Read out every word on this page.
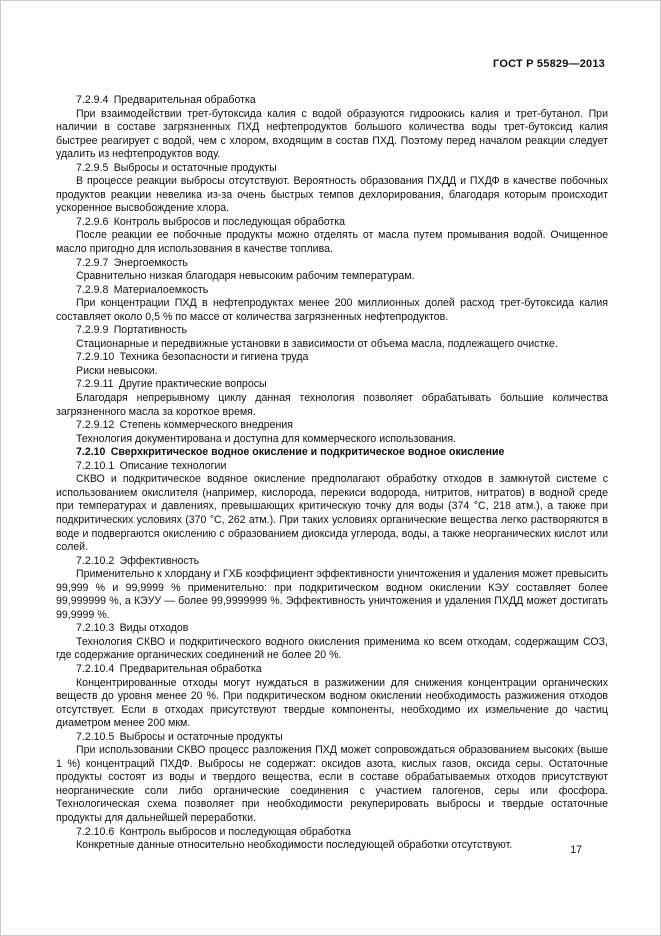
ГОСТ Р 55829—2013

7.2.9.4 Предварительная обработка

При взаимодействии трет-бутоксида калия с водой образуются гидроокись калия и трет-бутанол. При наличии в составе загрязненных ПХД нефтепродуктов большого количества воды трет-бутоксид калия быстрее реагирует с водой, чем с хлором, входящим в состав ПХД. Поэтому перед началом реакции следует удалить из нефтепродуктов воду.

7.2.9.5 Выбросы и остаточные продукты

В процессе реакции выбросы отсутствуют. Вероятность образования ПХДД и ПХДФ в качестве побочных продуктов реакции невелика из-за очень быстрых темпов дехлорирования, благодаря которым происходит ускоренное высвобождение хлора.

7.2.9.6 Контроль выбросов и последующая обработка

После реакции ее побочные продукты можно отделять от масла путем промывания водой. Очищенное масло пригодно для использования в качестве топлива.

7.2.9.7 Энергоемкость

Сравнительно низкая благодаря невысоким рабочим температурам.

7.2.9.8 Материалоемкость

При концентрации ПХД в нефтепродуктах менее 200 миллионных долей расход трет-бутоксида калия составляет около 0,5 % по массе от количества загрязненных нефтепродуктов.

7.2.9.9 Портативность

Стационарные и передвижные установки в зависимости от объема масла, подлежащего очистке.

7.2.9.10 Техника безопасности и гигиена труда

Риски невысоки.

7.2.9.11 Другие практические вопросы

Благодаря непрерывному циклу данная технология позволяет обрабатывать большие количества загрязненного масла за короткое время.

7.2.9.12 Степень коммерческого внедрения

Технология документирована и доступна для коммерческого использования.

7.2.10 Сверхкритическое водное окисление и подкритическое водное окисление

7.2.10.1 Описание технологии

СКВО и подкритическое водяное окисление предполагают обработку отходов в замкнутой системе с использованием окислителя (например, кислорода, перекиси водорода, нитритов, нитратов) в водной среде при температурах и давлениях, превышающих критическую точку для воды (374 °С, 218 атм.), а также при подкритических условиях (370 °С, 262 атм.). При таких условиях органические вещества легко растворяются в воде и подвергаются окислению с образованием диоксида углерода, воды, а также неорганических кислот или солей.

7.2.10.2 Эффективность

Применительно к хлордану и ГХБ коэффициент эффективности уничтожения и удаления может превысить 99,999 % и 99,9999 % применительно: при подкритическом водном окислении КЭУ составляет более 99,999999 %, а КЭУУ — более 99,9999999 %. Эффективность уничтожения и удаления ПХДД может достигать 99,9999 %.

7.2.10.3 Виды отходов

Технология СКВО и подкритического водного окисления применима ко всем отходам, содержащим СОЗ, где содержание органических соединений не более 20 %.

7.2.10.4 Предварительная обработка

Концентрированные отходы могут нуждаться в разжижении для снижения концентрации органических веществ до уровня менее 20 %. При подкритическом водном окислении необходимость разжижения отходов отсутствует. Если в отходах присутствуют твердые компоненты, необходимо их измельчение до частиц диаметром менее 200 мкм.

7.2.10.5 Выбросы и остаточные продукты

При использовании СКВО процесс разложения ПХД может сопровождаться образованием высоких (выше 1 %) концентраций ПХДФ. Выбросы не содержат: оксидов азота, кислых газов, оксида серы. Остаточные продукты состоят из воды и твердого вещества, если в составе обрабатываемых отходов присутствуют неорганические соли либо органические соединения с участием галогенов, серы или фосфора. Технологическая схема позволяет при необходимости рекуперировать выбросы и твердые остаточные продукты для дальнейшей переработки.

7.2.10.6 Контроль выбросов и последующая обработка

Конкретные данные относительно необходимости последующей обработки отсутствуют.	17
